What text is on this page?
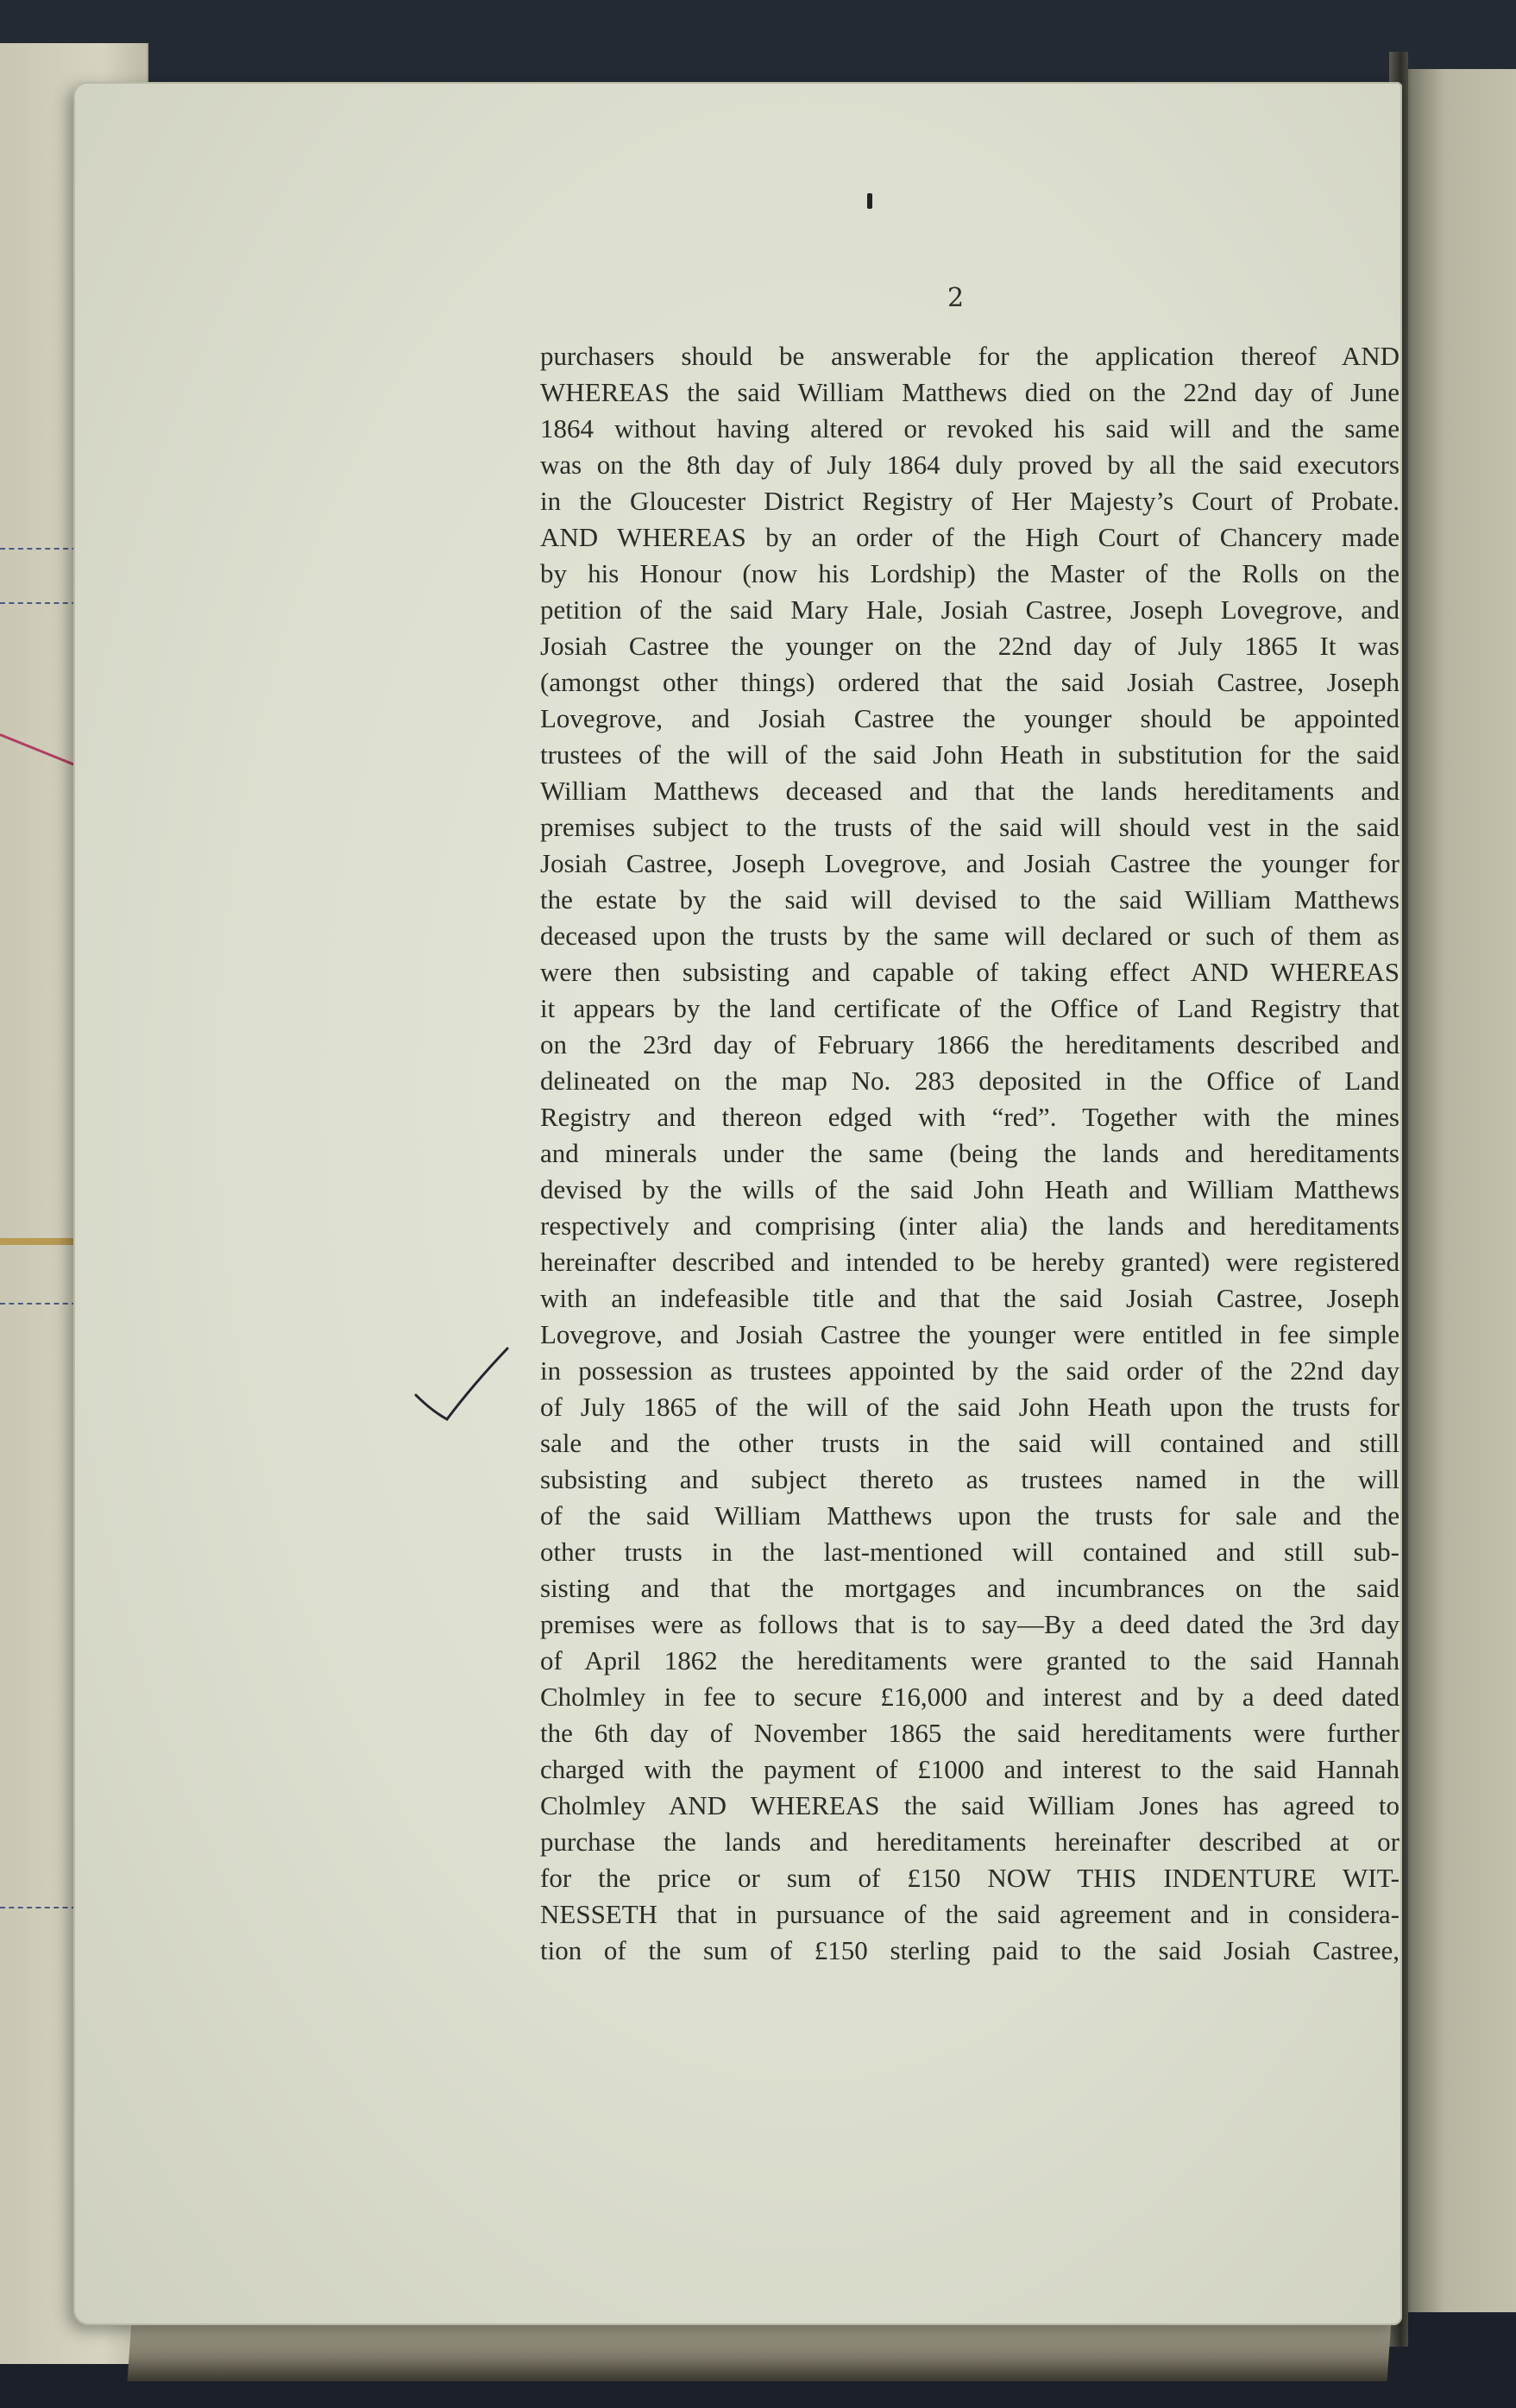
2
purchasers should be answerable for the application thereof AND
WHEREAS the said William Matthews died on the 22nd day of June
1864 without having altered or revoked his said will and the same
was on the 8th day of July 1864 duly proved by all the said executors
in the Gloucester District Registry of Her Majesty’s Court of Probate.
AND WHEREAS by an order of the High Court of Chancery made
by his Honour (now his Lordship) the Master of the Rolls on the
petition of the said Mary Hale, Josiah Castree, Joseph Lovegrove, and
Josiah Castree the younger on the 22nd day of July 1865 It was
(amongst other things) ordered that the said Josiah Castree, Joseph
Lovegrove, and Josiah Castree the younger should be appointed
trustees of the will of the said John Heath in substitution for the said
William Matthews deceased and that the lands hereditaments and
premises subject to the trusts of the said will should vest in the said
Josiah Castree, Joseph Lovegrove, and Josiah Castree the younger for
the estate by the said will devised to the said William Matthews
deceased upon the trusts by the same will declared or such of them as
were then subsisting and capable of taking effect AND WHEREAS
it appears by the land certificate of the Office of Land Registry that
on the 23rd day of February 1866 the hereditaments described and
delineated on the map No. 283 deposited in the Office of Land
Registry and thereon edged with “red”. Together with the mines
and minerals under the same (being the lands and hereditaments
devised by the wills of the said John Heath and William Matthews
respectively and comprising (inter alia) the lands and hereditaments
hereinafter described and intended to be hereby granted) were registered
with an indefeasible title and that the said Josiah Castree, Joseph
Lovegrove, and Josiah Castree the younger were entitled in fee simple
in possession as trustees appointed by the said order of the 22nd day
of July 1865 of the will of the said John Heath upon the trusts for
sale and the other trusts in the said will contained and still
subsisting and subject thereto as trustees named in the will
of the said William Matthews upon the trusts for sale and the
other trusts in the last-mentioned will contained and still sub-
sisting and that the mortgages and incumbrances on the said
premises were as follows that is to say—By a deed dated the 3rd day
of April 1862 the hereditaments were granted to the said Hannah
Cholmley in fee to secure £16,000 and interest and by a deed dated
the 6th day of November 1865 the said hereditaments were further
charged with the payment of £1000 and interest to the said Hannah
Cholmley AND WHEREAS the said William Jones has agreed to
purchase the lands and hereditaments hereinafter described at or
for the price or sum of £150 NOW THIS INDENTURE WIT-
NESSETH that in pursuance of the said agreement and in considera-
tion of the sum of £150 sterling paid to the said Josiah Castree,
